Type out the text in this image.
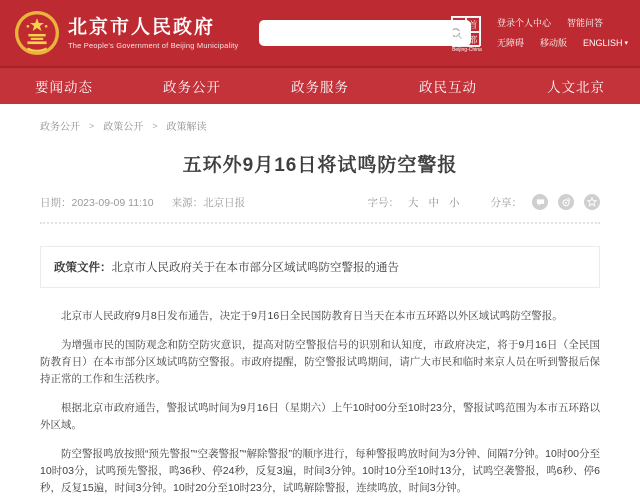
北京市人民政府
The People's Government of Beijing Municipality
之 首
窗 都
Beijing-China
登录个人中心 智能问答
无障碍 移动版 ENGLISH ▾
要闻动态	政务公开	政务服务	政民互动	人文北京
政务公开 > 政策公开 > 政策解读
五环外9月16日将试鸣防空警报
日期：2023-09-09 11:10 来源：北京日报	字号： 大 中 小	分享：
政策文件：北京市人民政府关于在本市部分区域试鸣防空警报的通告

北京市人民政府9月8日发布通告，决定于9月16日全民国防教育日当天在本市五环路以外区域试鸣防空警报。

为增强市民的国防观念和防空防灾意识，提高对防空警报信号的识别和认知度，市政府决定，将于9月16日（全民国防教育日）在本市部分区域试鸣防空警报。市政府提醒，防空警报试鸣期间，请广大市民和临时来京人员在听到警报后保持正常的工作和生活秩序。

根据北京市政府通告，警报试鸣时间为9月16日（星期六）上午10时00分至10时23分，警报试鸣范围为本市五环路以外区域。

防空警报鸣放按照“预先警报”“空袭警报”“解除警报”的顺序进行，每种警报鸣放时间为3分钟、间隔7分钟。10时00分至10时03分，试鸣预先警报，鸣36秒、停24秒，反复3遍，时间3分钟。10时10分至10时13分，试鸣空袭警报，鸣6秒、停6秒，反复15遍，时间3分钟。10时20分至10时23分，试鸣解除警报，连续鸣放，时间3分钟。
